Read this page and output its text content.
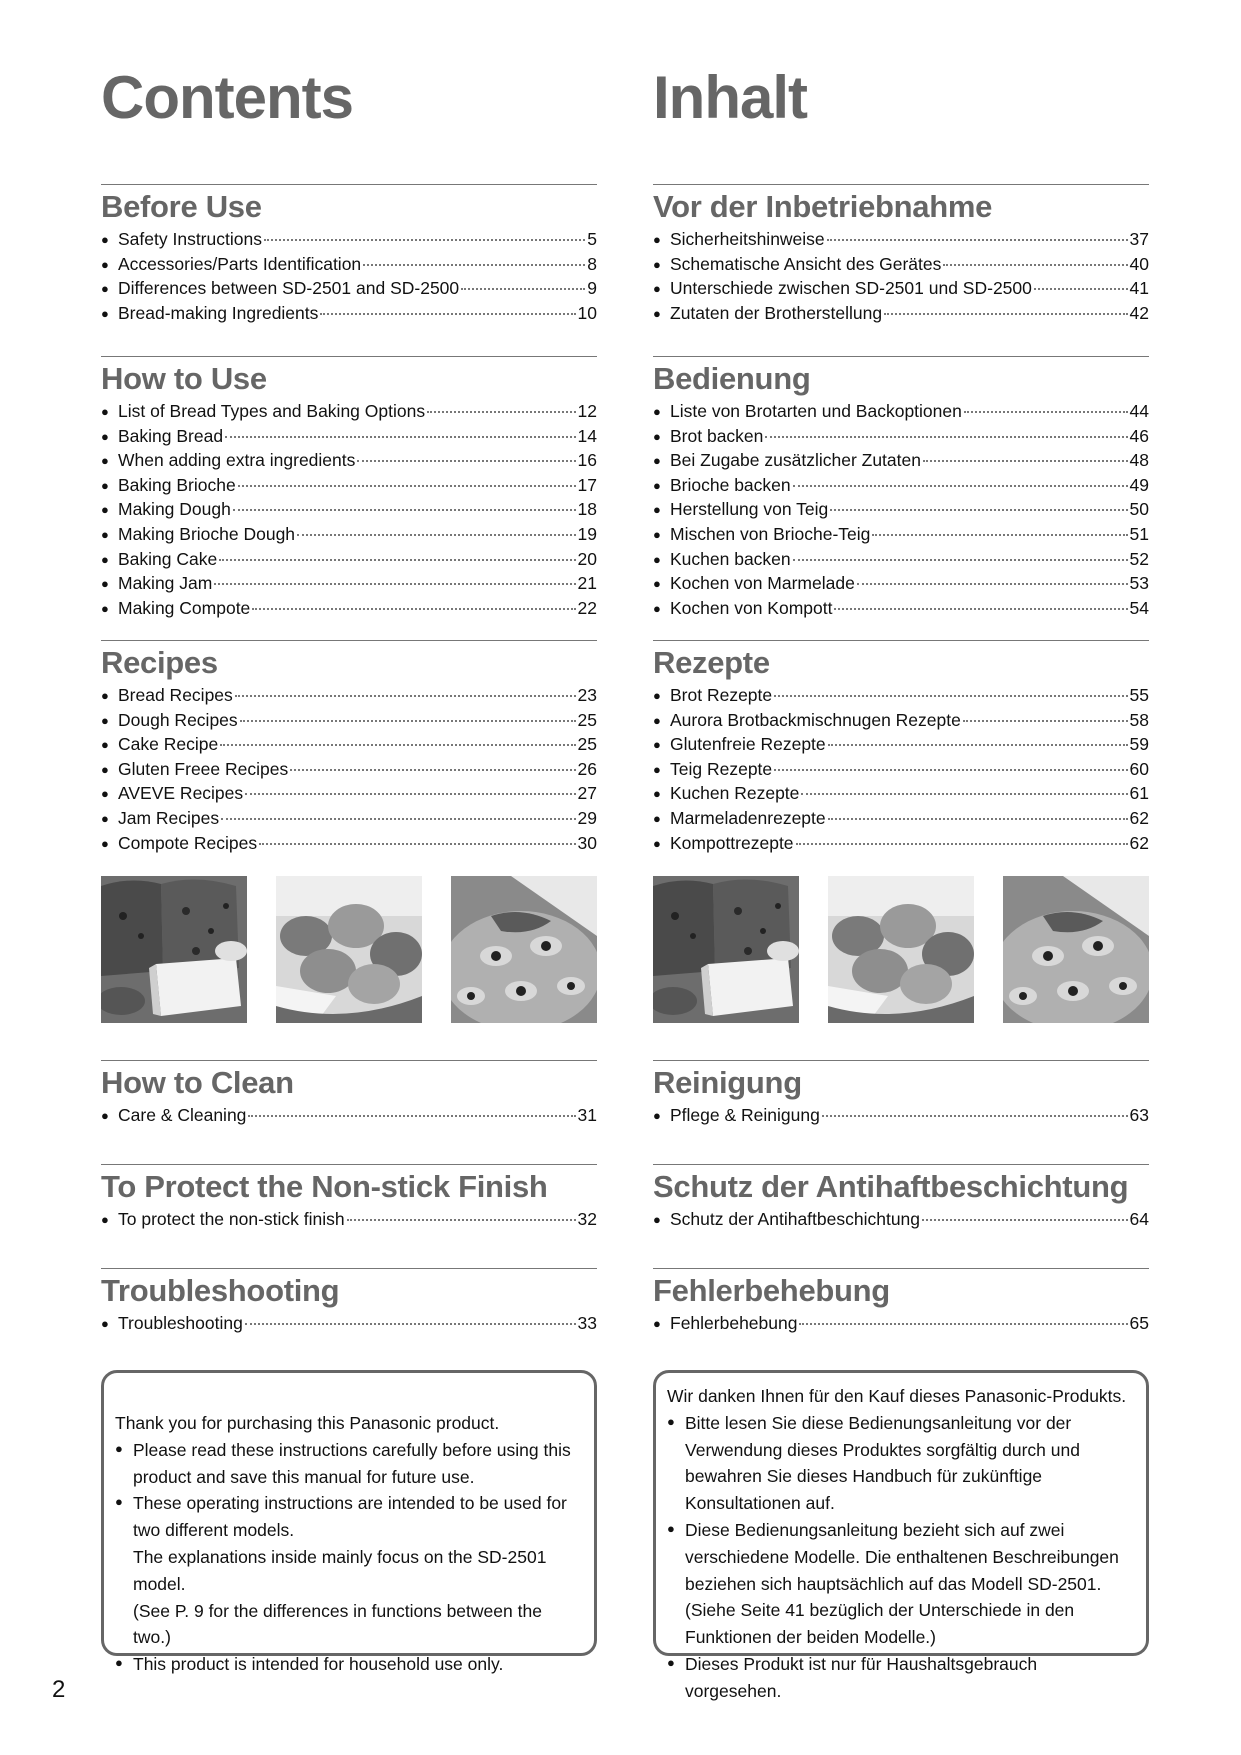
Contents
Before Use
● Safety Instructions	5
● Accessories/Parts Identification	8
● Differences between SD-2501 and SD-2500	9
● Bread-making Ingredients	10
How to Use
● List of Bread Types and Baking Options	12
● Baking Bread	14
● When adding extra ingredients	16
● Baking Brioche	17
● Making Dough	18
● Making Brioche Dough	19
● Baking Cake	20
● Making Jam	21
● Making Compote	22
Recipes
● Bread Recipes	23
● Dough Recipes	25
● Cake Recipe	25
● Gluten Freee Recipes	26
● AVEVE Recipes	27
● Jam Recipes	29
● Compote Recipes	30
How to Clean
● Care & Cleaning	31
To Protect the Non-stick Finish
● To protect the non-stick finish	32
Troubleshooting
● Troubleshooting	33

Thank you for purchasing this Panasonic product.

● Please read these instructions carefully before using this product and save this manual for future use.
● These operating instructions are intended to be used for two different models.
The explanations inside mainly focus on the SD-2501 model.
(See P. 9 for the differences in functions between the two.)
● This product is intended for household use only.
Inhalt
Vor der Inbetriebnahme
● Sicherheitshinweise	37
● Schematische Ansicht des Gerätes	40
● Unterschiede zwischen SD-2501 und SD-2500	41
● Zutaten der Brotherstellung	42
Bedienung
● Liste von Brotarten und Backoptionen	44
● Brot backen	46
● Bei Zugabe zusätzlicher Zutaten	48
● Brioche backen	49
● Herstellung von Teig	50
● Mischen von Brioche-Teig	51
● Kuchen backen	52
● Kochen von Marmelade	53
● Kochen von Kompott	54
Rezepte
● Brot Rezepte	55
● Aurora Brotbackmischnugen Rezepte	58
● Glutenfreie Rezepte	59
● Teig Rezepte	60
● Kuchen Rezepte	61
● Marmeladenrezepte	62
● Kompottrezepte	62
Reinigung
● Pflege & Reinigung	63
Schutz der Antihaftbeschichtung
● Schutz der Antihaftbeschichtung	64
Fehlerbehebung
● Fehlerbehebung	65

Wir danken Ihnen für den Kauf dieses Panasonic-Produkts.

● Bitte lesen Sie diese Bedienungsanleitung vor der Verwendung dieses Produktes sorgfältig durch und bewahren Sie dieses Handbuch für zukünftige Konsultationen auf.
● Diese Bedienungsanleitung bezieht sich auf zwei verschiedene Modelle. Die enthaltenen Beschreibungen beziehen sich hauptsächlich auf das Modell SD-2501.
(Siehe Seite 41 bezüglich der Unterschiede in den Funktionen der beiden Modelle.)
● Dieses Produkt ist nur für Haushaltsgebrauch vorgesehen.
2
